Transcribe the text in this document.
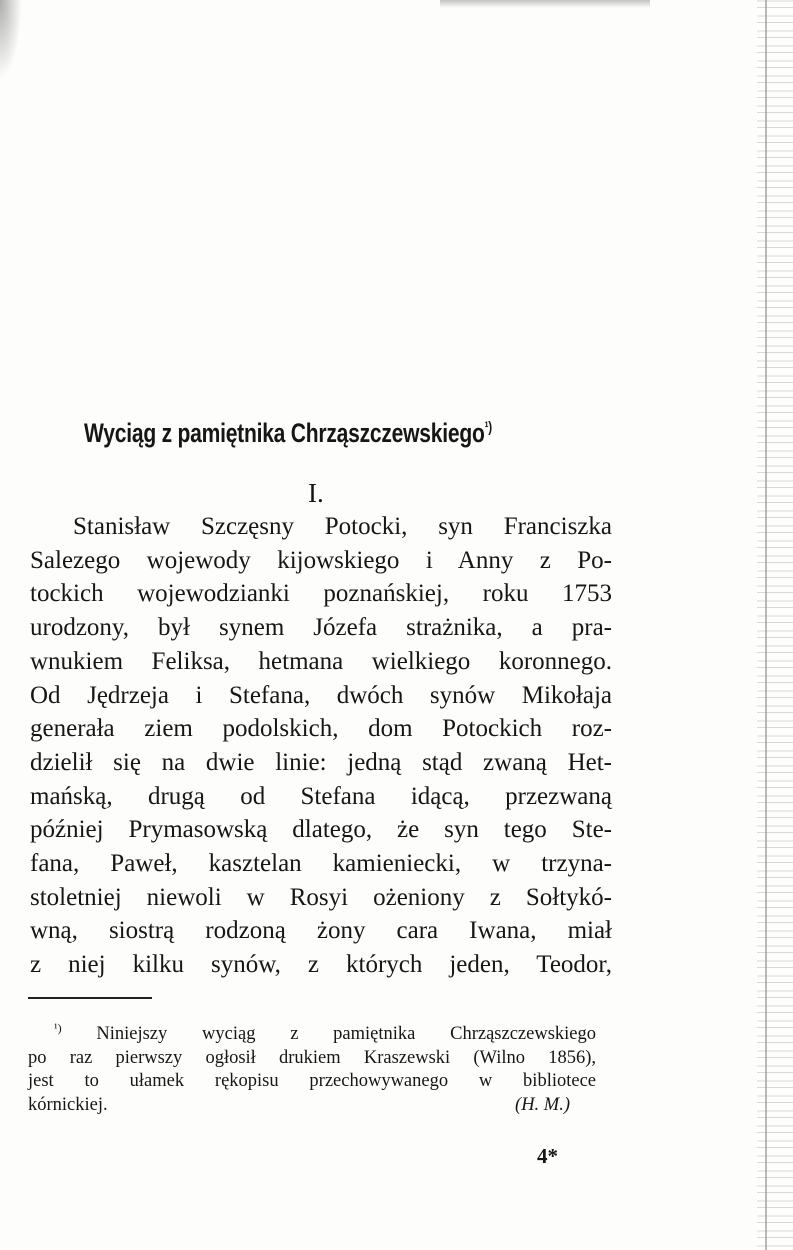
Wyciąg z pamiętnika Chrząszczewskiego$^{^1)}$
I.
Stanisław Szczęsny Potocki, syn Franciszka
Salezego wojewody kijowskiego i Anny z Po-
tockich wojewodzianki poznańskiej, roku 1753
urodzony, był synem Józefa strażnika, a pra-
wnukiem Feliksa, hetmana wielkiego koronnego.
Od Jędrzeja i Stefana, dwóch synów Mikołaja
generała ziem podolskich, dom Potockich roz-
dzielił się na dwie linie: jedną stąd zwaną Het-
mańską, drugą od Stefana idącą, przezwaną
później Prymasowską dlatego, że syn tego Ste-
fana, Paweł, kasztelan kamieniecki, w trzyna-
stoletniej niewoli w Rosyi ożeniony z Sołtykó-
wną, siostrą rodzoną żony cara Iwana, miał
z niej kilku synów, z których jeden, Teodor,
$^{^1)}$ Niniejszy wyciąg z pamiętnika Chrząszczewskiego
po raz pierwszy ogłosił drukiem Kraszewski (Wilno 1856),
jest to ułamek rękopisu przechowywanego w bibliotece
kórnickiej.	(H. M.)
4*
